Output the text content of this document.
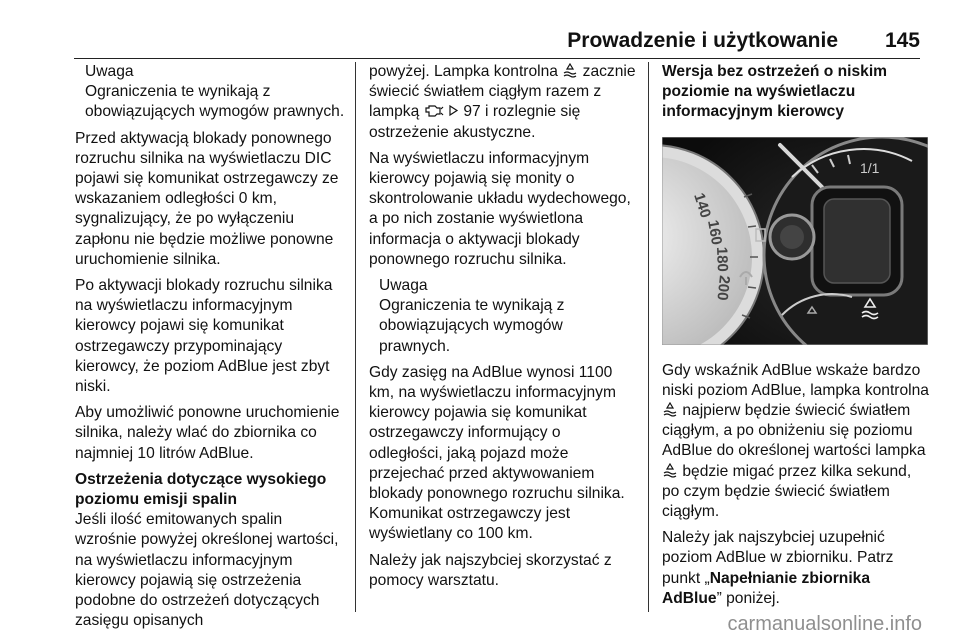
Prowadzenie i użytkowanie 145
Uwaga
Ograniczenia te wynikają z obowiązujących wymogów prawnych.

Przed aktywacją blokady ponownego rozruchu silnika na wyświetlaczu DIC pojawi się komunikat ostrzegawczy ze wskazaniem odległości 0 km, sygnalizujący, że po wyłączeniu zapłonu nie będzie możliwe ponowne uruchomienie silnika.

Po aktywacji blokady rozruchu silnika na wyświetlaczu informacyjnym kierowcy pojawi się komunikat ostrzegawczy przypominający kierowcy, że poziom AdBlue jest zbyt niski.

Aby umożliwić ponowne uruchomienie silnika, należy wlać do zbiornika co najmniej 10 litrów AdBlue.

Ostrzeżenia dotyczące wysokiego poziomu emisji spalin
Jeśli ilość emitowanych spalin wzrośnie powyżej określonej wartości, na wyświetlaczu informacyjnym kierowcy pojawią się ostrzeżenia podobne do ostrzeżeń dotyczących zasięgu opisanych

powyżej. Lampka kontrolna zacznie świecić światłem ciągłym razem z lampką	97 i rozlegnie się ostrzeżenie akustyczne.

Na wyświetlaczu informacyjnym kierowcy pojawią się monity o skontrolowanie układu wydechowego, a po nich zostanie wyświetlona informacja o aktywacji blokady ponownego rozruchu silnika.

Uwaga
Ograniczenia te wynikają z obowiązujących wymogów prawnych.

Gdy zasięg na AdBlue wynosi 1100 km, na wyświetlaczu informacyjnym kierowcy pojawia się komunikat ostrzegawczy informujący o odległości, jaką pojazd może przejechać przed aktywowaniem blokady ponownego rozruchu silnika. Komunikat ostrzegawczy jest wyświetlany co 100 km.

Należy jak najszybciej skorzystać z pomocy warsztatu.

Wersja bez ostrzeżeń o niskim poziomie na wyświetlaczu informacyjnym kierowcy

140
160
180
200
1/1

Gdy wskaźnik AdBlue wskaże bardzo niski poziom AdBlue, lampka kontrolna  najpierw będzie świecić światłem ciągłym, a po obniżeniu się poziomu AdBlue do określonej wartości lampka  będzie migać przez kilka sekund, po czym będzie świecić światłem ciągłym.

Należy jak najszybciej uzupełnić poziom AdBlue w zbiorniku. Patrz punkt „Napełnianie zbiornika AdBlue” poniżej.

carmanualsonline.info
